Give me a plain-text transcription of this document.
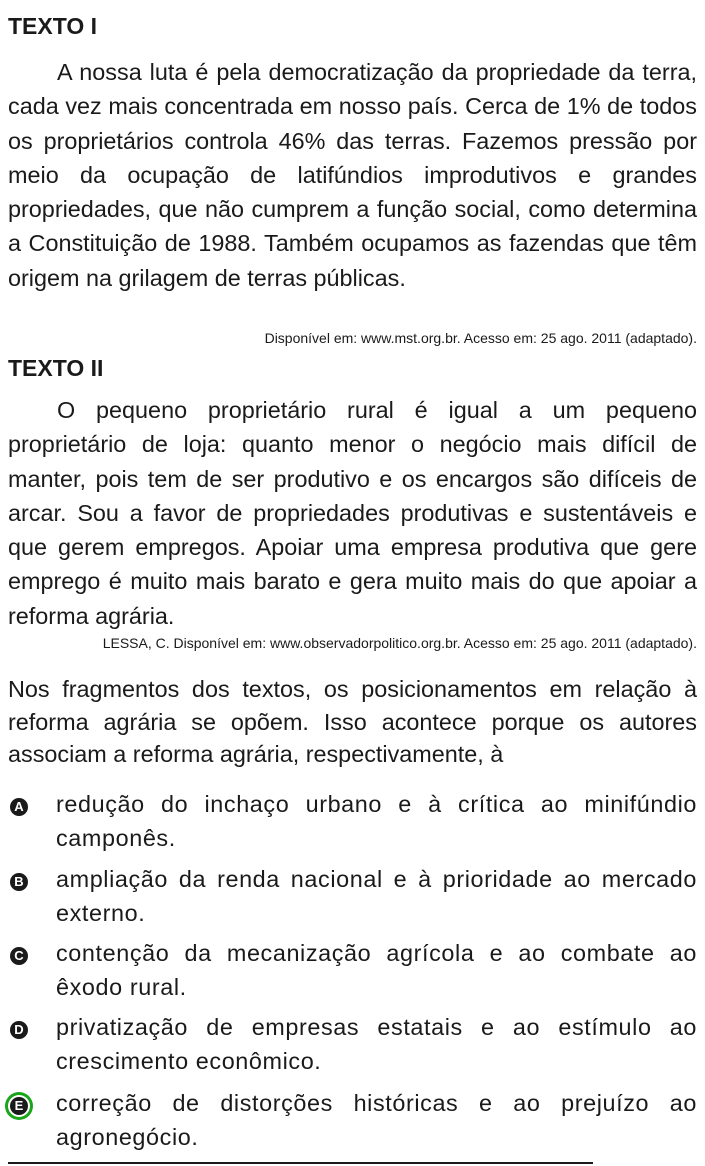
TEXTO I

A nossa luta é pela democratização da propriedade da terra, cada vez mais concentrada em nosso país. Cerca de 1% de todos os proprietários controla 46% das terras. Fazemos pressão por meio da ocupação de latifúndios improdutivos e grandes propriedades, que não cumprem a função social, como determina a Constituição de 1988. Também ocupamos as fazendas que têm origem na grilagem de terras públicas.

Disponível em: www.mst.org.br. Acesso em: 25 ago. 2011 (adaptado).
TEXTO II

O pequeno proprietário rural é igual a um pequeno proprietário de loja: quanto menor o negócio mais difícil de manter, pois tem de ser produtivo e os encargos são difíceis de arcar. Sou a favor de propriedades produtivas e sustentáveis e que gerem empregos. Apoiar uma empresa produtiva que gere emprego é muito mais barato e gera muito mais do que apoiar a reforma agrária.

LESSA, C. Disponível em: www.observadorpolitico.org.br. Acesso em: 25 ago. 2011 (adaptado).

Nos fragmentos dos textos, os posicionamentos em relação à reforma agrária se opõem. Isso acontece porque os autores associam a reforma agrária, respectivamente, à

A redução do inchaço urbano e à crítica ao minifúndio camponês.

B ampliação da renda nacional e à prioridade ao mercado externo.

C contenção da mecanização agrícola e ao combate ao êxodo rural.

D privatização de empresas estatais e ao estímulo ao crescimento econômico.

E correção de distorções históricas e ao prejuízo ao agronegócio.
